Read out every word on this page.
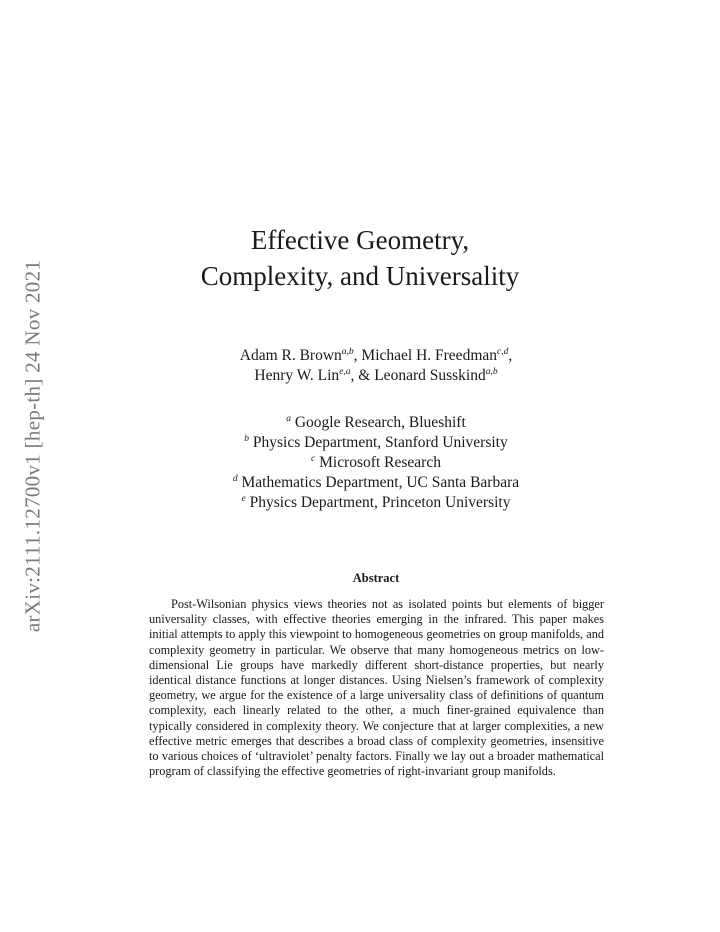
arXiv:2111.12700v1 [hep-th] 24 Nov 2021
Effective Geometry,
Complexity, and Universality
Adam R. Brown$^{a,b}$, Michael H. Freedman$^{c,d}$,
Henry W. Lin$^{e,a}$, & Leonard Susskind$^{a,b}$
$^a$ Google Research, Blueshift
$^b$ Physics Department, Stanford University
$^c$ Microsoft Research
$^d$ Mathematics Department, UC Santa Barbara
$^e$ Physics Department, Princeton University
Abstract

Post-Wilsonian physics views theories not as isolated points but elements of bigger universality classes, with effective theories emerging in the infrared. This paper makes initial attempts to apply this viewpoint to homogeneous geometries on group manifolds, and complexity geometry in particular. We observe that many homogeneous metrics on low-dimensional Lie groups have markedly different short-distance properties, but nearly identical distance functions at longer distances. Using Nielsen’s framework of complexity geometry, we argue for the existence of a large universality class of definitions of quantum complexity, each linearly related to the other, a much finer-grained equivalence than typically considered in complexity theory. We conjecture that at larger complexities, a new effective metric emerges that describes a broad class of complexity geometries, insensitive to various choices of ‘ultraviolet’ penalty factors. Finally we lay out a broader mathematical program of classifying the effective geometries of right-invariant group manifolds.
